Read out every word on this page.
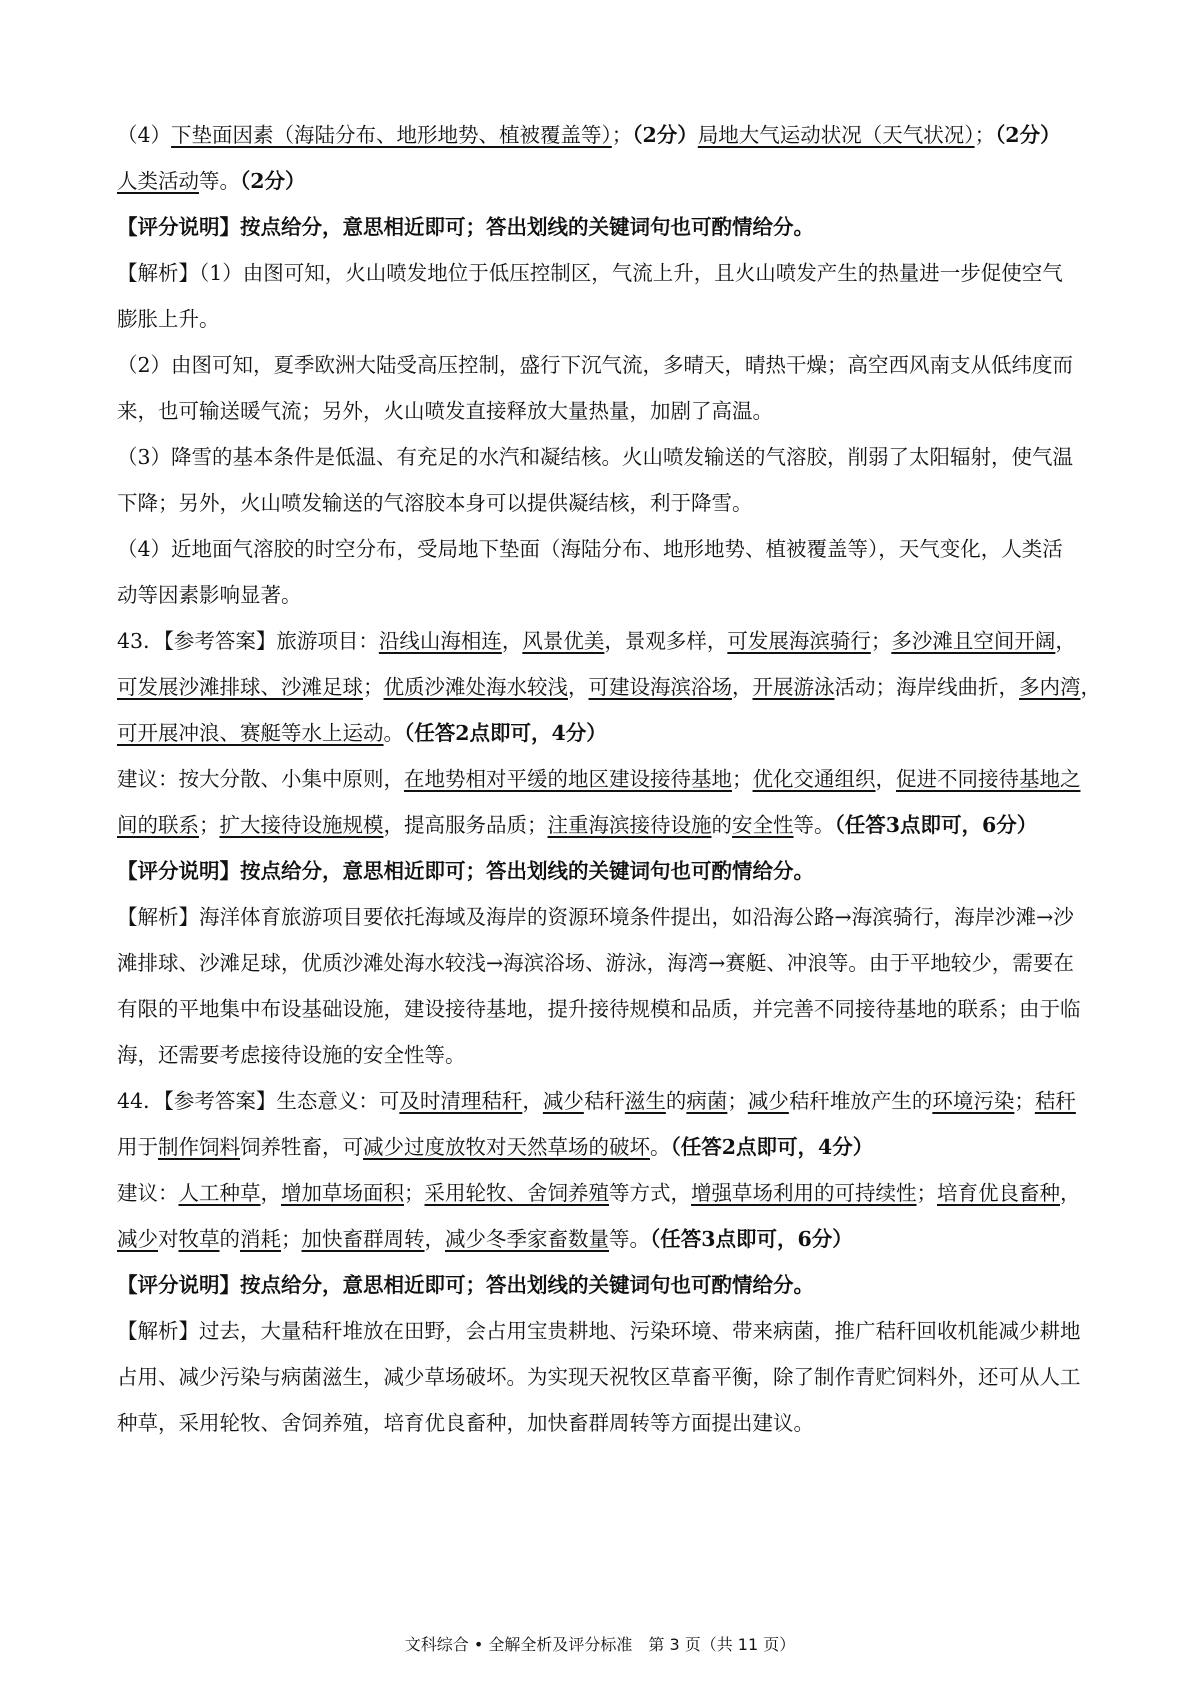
（4）下垫面因素（海陆分布、地形地势、植被覆盖等）；（2分）局地大气运动状况（天气状况）；（2分）
人类活动等。（2分）
【评分说明】按点给分，意思相近即可；答出划线的关键词句也可酌情给分。
【解析】（1）由图可知，火山喷发地位于低压控制区，气流上升，且火山喷发产生的热量进一步促使空气
膨胀上升。
（2）由图可知，夏季欧洲大陆受高压控制，盛行下沉气流，多晴天，晴热干燥；高空西风南支从低纬度而
来，也可输送暖气流；另外，火山喷发直接释放大量热量，加剧了高温。
（3）降雪的基本条件是低温、有充足的水汽和凝结核。火山喷发输送的气溶胶，削弱了太阳辐射，使气温
下降；另外，火山喷发输送的气溶胶本身可以提供凝结核，利于降雪。
（4）近地面气溶胶的时空分布，受局地下垫面（海陆分布、地形地势、植被覆盖等），天气变化，人类活
动等因素影响显著。
43．【参考答案】旅游项目：沿线山海相连，风景优美，景观多样，可发展海滨骑行；多沙滩且空间开阔，
可发展沙滩排球、沙滩足球；优质沙滩处海水较浅，可建设海滨浴场，开展游泳活动；海岸线曲折，多内湾，
可开展冲浪、赛艇等水上运动。（任答2点即可，4分）
建议：按大分散、小集中原则，在地势相对平缓的地区建设接待基地；优化交通组织，促进不同接待基地之
间的联系；扩大接待设施规模，提高服务品质；注重海滨接待设施的安全性等。（任答3点即可，6分）
【评分说明】按点给分，意思相近即可；答出划线的关键词句也可酌情给分。
【解析】海洋体育旅游项目要依托海域及海岸的资源环境条件提出，如沿海公路→海滨骑行，海岸沙滩→沙
滩排球、沙滩足球，优质沙滩处海水较浅→海滨浴场、游泳，海湾→赛艇、冲浪等。由于平地较少，需要在
有限的平地集中布设基础设施，建设接待基地，提升接待规模和品质，并完善不同接待基地的联系；由于临
海，还需要考虑接待设施的安全性等。
44．【参考答案】生态意义：可及时清理秸秆，减少秸秆滋生的病菌；减少秸秆堆放产生的环境污染；秸秆
用于制作饲料饲养牲畜，可减少过度放牧对天然草场的破坏。（任答2点即可，4分）
建议：人工种草，增加草场面积；采用轮牧、舍饲养殖等方式，增强草场利用的可持续性；培育优良畜种，
减少对牧草的消耗；加快畜群周转，减少冬季家畜数量等。（任答3点即可，6分）
【评分说明】按点给分，意思相近即可；答出划线的关键词句也可酌情给分。
【解析】过去，大量秸秆堆放在田野，会占用宝贵耕地、污染环境、带来病菌，推广秸秆回收机能减少耕地
占用、减少污染与病菌滋生，减少草场破坏。为实现天祝牧区草畜平衡，除了制作青贮饲料外，还可从人工
种草，采用轮牧、舍饲养殖，培育优良畜种，加快畜群周转等方面提出建议。
文科综合 • 全解全析及评分标准　第 3 页（共 11 页）
